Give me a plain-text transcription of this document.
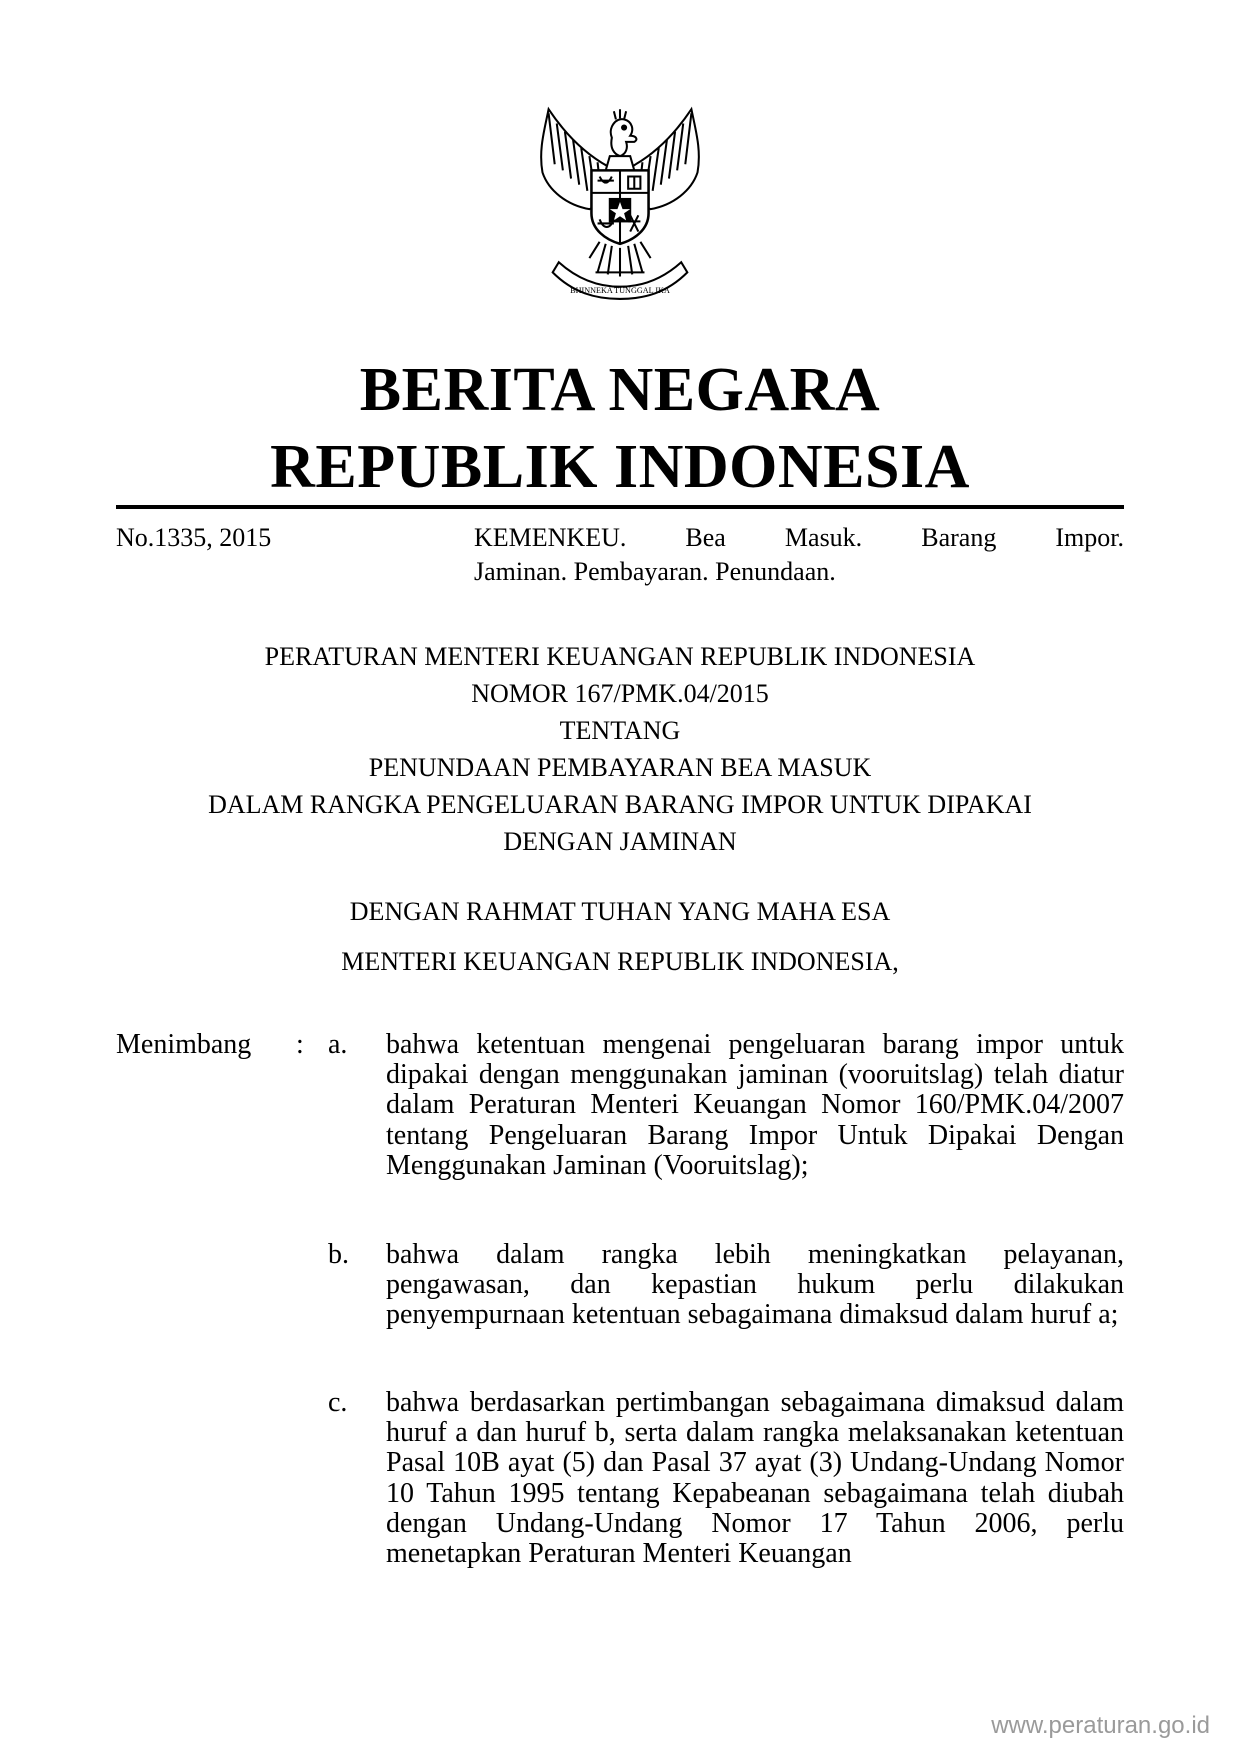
BHINNEKA TUNGGAL IKA
BERITA NEGARA
REPUBLIK INDONESIA
No.1335, 2015	KEMENKEU. Bea Masuk. Barang Impor.
Jaminan. Pembayaran. Penundaan.
PERATURAN MENTERI KEUANGAN REPUBLIK INDONESIA
NOMOR 167/PMK.04/2015
TENTANG
PENUNDAAN PEMBAYARAN BEA MASUK
DALAM RANGKA PENGELUARAN BARANG IMPOR UNTUK DIPAKAI
DENGAN JAMINAN
DENGAN RAHMAT TUHAN YANG MAHA ESA
MENTERI KEUANGAN REPUBLIK INDONESIA,
Menimbang : a. bahwa ketentuan mengenai pengeluaran barang impor untuk dipakai dengan menggunakan jaminan (vooruitslag) telah diatur dalam Peraturan Menteri Keuangan Nomor 160/PMK.04/2007 tentang Pengeluaran Barang Impor Untuk Dipakai Dengan Menggunakan Jaminan (Vooruitslag);
b. bahwa dalam rangka lebih meningkatkan pelayanan, pengawasan, dan kepastian hukum perlu dilakukan penyempurnaan ketentuan sebagaimana dimaksud dalam huruf a;
c. bahwa berdasarkan pertimbangan sebagaimana dimaksud dalam huruf a dan huruf b, serta dalam rangka melaksanakan ketentuan Pasal 10B ayat (5) dan Pasal 37 ayat (3) Undang-Undang Nomor 10 Tahun 1995 tentang Kepabeanan sebagaimana telah diubah dengan Undang-Undang Nomor 17 Tahun 2006, perlu menetapkan Peraturan Menteri Keuangan
www.peraturan.go.id
